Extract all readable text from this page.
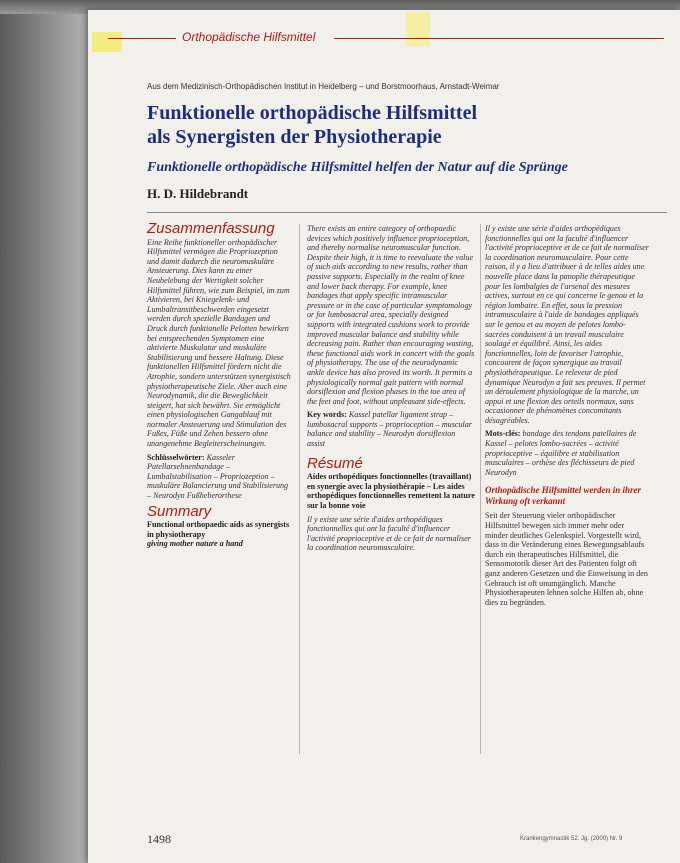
Orthopädische Hilfsmittel
Aus dem Medizinisch-Orthopädischen Institut in Heidelberg – und Borstmoorhaus, Arnstadt-Weimar
Funktionelle orthopädische Hilfsmittel
als Synergisten der Physiotherapie
Funktionelle orthopädische Hilfsmittel helfen der Natur auf die Sprünge
H. D. Hildebrandt
Zusammenfassung

Eine Reihe funktioneller orthopädischer Hilfsmittel vermögen die Propriozeption und damit dadurch die neuromuskuläre Ansteuerung. Dies kann zu einer Neubelebung der Wertigkeit solcher Hilfsmittel führen, wie zum Beispiel, im zum Aktivieren, bei Kniegelenk- und Lumbaltransitbeschwerden eingesetzt werden durch spezielle Bandagen und Druck durch funktionelle Pelotten bewirken bei entsprechenden Symptomen eine aktivierte Muskulatur und muskuläre Stabilisierung und bessere Haltung. Diese funktionellen Hilfsmittel fördern nicht die Atrophie, sondern unterstützen synergistisch physiotherapeutische Ziele. Aber auch eine Neurodynamik, die die Beweglichkeit steigert, hat sich bewährt. Sie ermöglicht einen physiologischen Gangablauf mit normaler Ansteuerung und Stimulation des Fußes, Füße und Zehen bessern ohne unangenehme Begleiterscheinungen.

Schlüsselwörter: Kasseler Patellarsehnenbandage – Lumbalstabilisation – Propriozeption – muskuläre Balancierung und Stabilisierung – Neurodyn Fußheberorthese

Summary

Functional orthopaedic aids as synergists in physiotherapy

giving mother nature a hand

There exists an entire category of orthopaedic devices which positively influence proprioception, and thereby normalise neuromuscular function. Despite their high, it is time to reevaluate the value of such aids according to new results, rather than passive supports. Especially in the realm of knee and lower back therapy. For example, knee bandages that apply specific intramuscular pressure or in the case of particular symptomology or for lumbosacral area, specially designed supports with integrated cushions work to provide improved muscular balance and stability while decreasing pain. Rather than encouraging wasting, these functional aids work in concert with the goals of physiotherapy. The use of the neurodynamic ankle device has also proved its worth. It permits a physiologically normal gait pattern with normal dorsiflexion and flexion phases in the toe area of the feet and foot, without unpleasant side-effects.

Key words: Kassel patellar ligament strap – lumbosacral supports – proprioception – muscular balance and stability – Neurodyn dorsiflexion assist

Résumé

Aides orthopédiques fonctionnelles (travaillant) en synergie avec la physiothérapie – Les aides orthopédiques fonctionnelles remettent la nature sur la bonne voie

Il y existe une série d'aides orthopédiques fonctionnelles qui ont la faculté d'influencer l'activité proprioceptive et de ce fait de normaliser la coordination neuromusculaire.

Il y existe une série d'aides orthopédiques fonctionnelles qui ont la faculté d'influencer l'activité proprioceptive et de ce fait de normaliser la coordination neuromusculaire. Pour cette raison, il y a lieu d'attribuer à de telles aides une nouvelle place dans la panoplie thérapeutique pour les lombalgies de l'arsenal des mesures actives, surtout en ce qui concerne le genou et la région lombaire. En effet, sous la pression intramusculaire à l'aide de bandages appliqués sur le genou et au moyen de pelotes lombo-sacrées conduisent à un travail musculaire soulagé et équilibré. Ainsi, les aides fonctionnelles, loin de favoriser l'atrophie, concourent de façon synergique au travail physiothérapeutique. Le releveur de pied dynamique Neurodyn a fait ses preuves. Il permet un déroulement physiologique de la marche, un appui et une flexion des orteils normaux, sans occasionner de phénomènes concomitants désagréables.

Mots-clés: bandage des tendons patellaires de Kassel – pelotes lombo-sacrées – activité proprioceptive – équilibre et stabilisation musculaires – orthèse des fléchisseurs de pied Neurodyn

Orthopädische Hilfsmittel werden in ihrer Wirkung oft verkannt

Seit der Steuerung vieler orthopädischer Hilfsmittel bewegen sich immer mehr oder minder deutliches Gelenkspiel. Vorgestellt wird, dass in die Veränderung eines Bewegungsablaufs durch ein therapeutisches Hilfsmittel, die Sensomotorik dieser Art des Patienten folgt oft ganz anderen Gesetzen und die Einweisung in den Gebrauch ist oft unumgänglich. Manche Physiotherapeuten lehnen solche Hilfen ab, ohne dies zu begründen.

1498	Krankengymnastik 52. Jg. (2000) Nr. 9
